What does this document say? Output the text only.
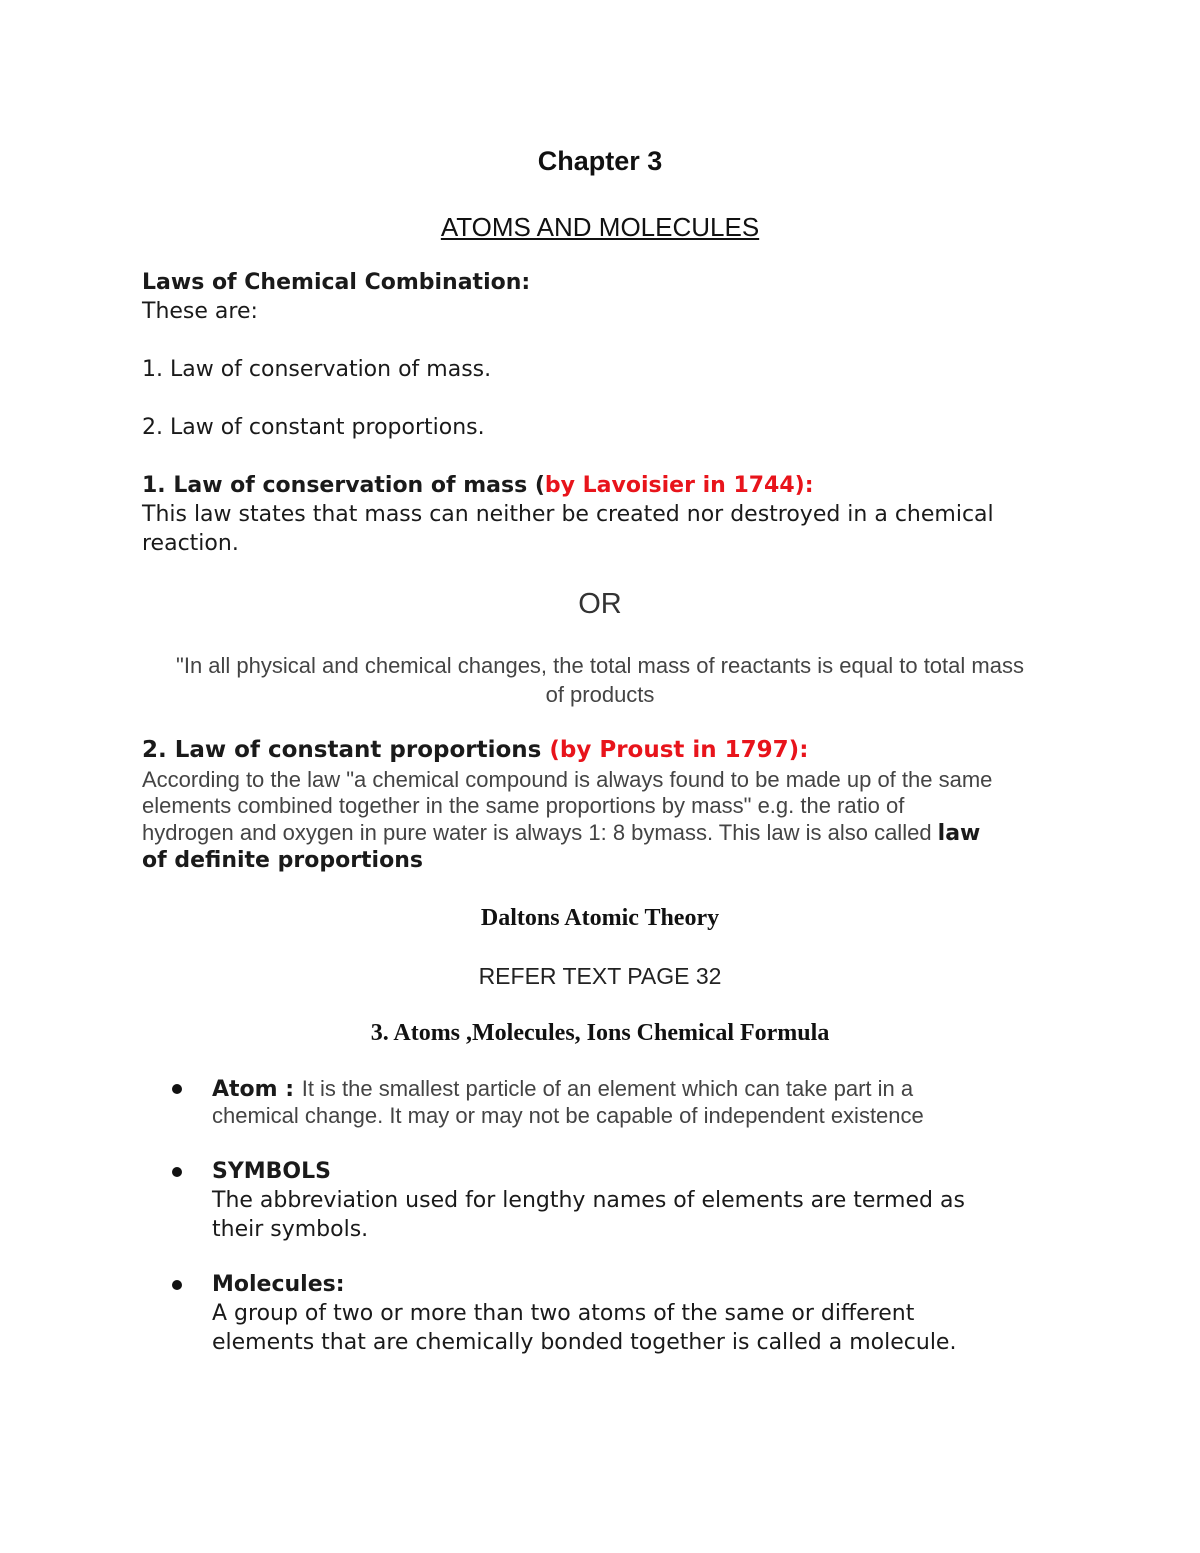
Chapter 3

ATOMS AND MOLECULES

Laws of Chemical Combination:

These are:

1. Law of conservation of mass.

2. Law of constant proportions.

1. Law of conservation of mass (by Lavoisier in 1744):

This law states that mass can neither be created nor destroyed in a chemical

reaction.

OR

"In all physical and chemical changes, the total mass of reactants is equal to total mass

of products

2. Law of constant proportions (by Proust in 1797):

According to the law "a chemical compound is always found to be made up of the same

elements combined together in the same proportions by mass" e.g. the ratio of

hydrogen and oxygen in pure water is always 1: 8 bymass. This law is also called law

of definite proportions

Daltons Atomic Theory

REFER TEXT PAGE 32

3. Atoms ,Molecules, Ions Chemical Formula

Atom : It is the smallest particle of an element which can take part in a

chemical change. It may or may not be capable of independent existence

SYMBOLS

The abbreviation used for lengthy names of elements are termed as

their symbols.

Molecules:

A group of two or more than two atoms of the same or different

elements that are chemically bonded together is called a molecule.
